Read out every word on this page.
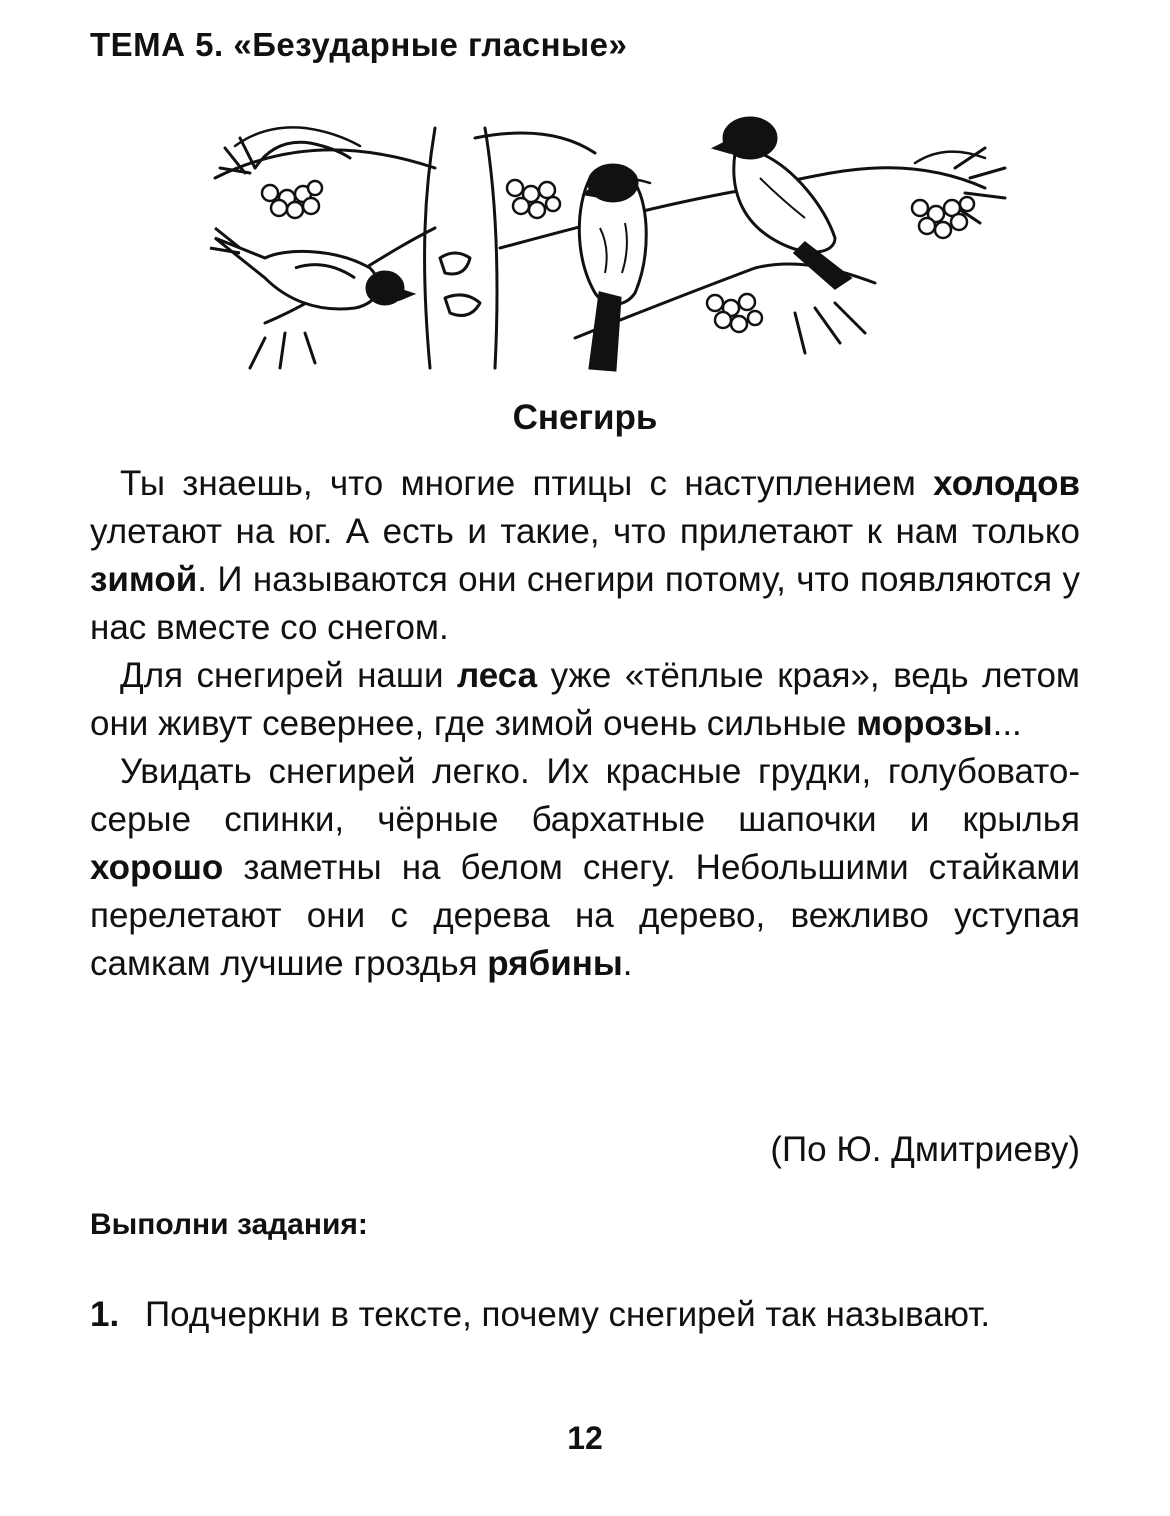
ТЕМА 5. «Безударные гласные»
Снегирь

Ты знаешь, что многие птицы с наступлением холодов улетают на юг. А есть и такие, что прилетают к нам только зимой. И называются они снегири потому, что появляются у нас вместе со снегом.

Для снегирей наши леса уже «тёплые края», ведь летом они живут севернее, где зимой очень сильные морозы...

Увидать снегирей легко. Их красные грудки, голубовато-серые спинки, чёрные бархатные шапочки и крылья хорошо заметны на белом снегу. Небольшими стайками перелетают они с дерева на дерево, вежливо уступая самкам лучшие гроздья рябины.

(По Ю. Дмитриеву)
Выполни задания:
1. Подчеркни в тексте, почему снегирей так называют.
12
